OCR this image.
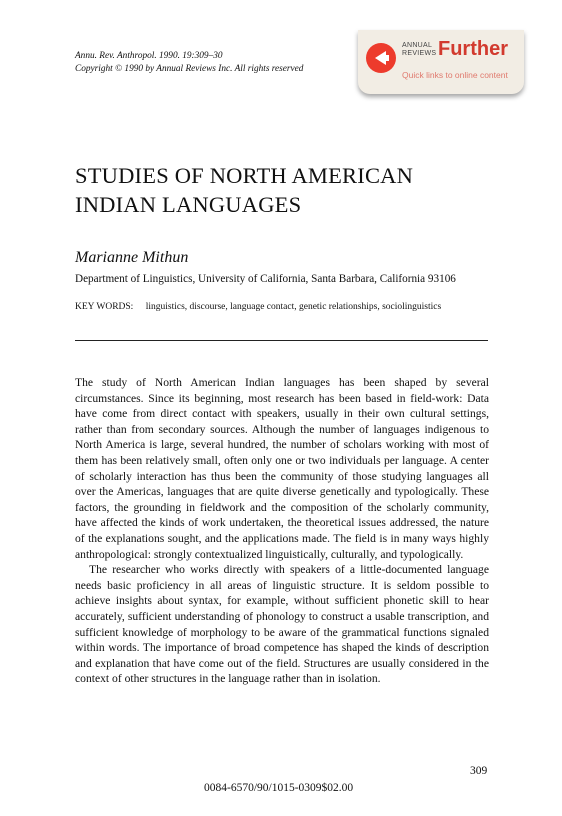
Annu. Rev. Anthropol. 1990. 19:309–30
Copyright © 1990 by Annual Reviews Inc. All rights reserved
ANNUAL
REVIEWS Further
Quick links to online content
STUDIES OF NORTH AMERICAN
INDIAN LANGUAGES
Marianne Mithun
Department of Linguistics, University of California, Santa Barbara, California 93106
KEY WORDS: linguistics, discourse, language contact, genetic relationships, sociolinguistics

The study of North American Indian languages has been shaped by several circumstances. Since its beginning, most research has been based in field-work: Data have come from direct contact with speakers, usually in their own cultural settings, rather than from secondary sources. Although the number of languages indigenous to North America is large, several hundred, the number of scholars working with most of them has been relatively small, often only one or two individuals per language. A center of scholarly interaction has thus been the community of those studying languages all over the Americas, languages that are quite diverse genetically and typologically. These factors, the grounding in fieldwork and the composition of the scholarly community, have affected the kinds of work undertaken, the theoretical issues addressed, the nature of the explanations sought, and the applications made. The field is in many ways highly anthropological: strongly contextualized linguistically, culturally, and typologically.

The researcher who works directly with speakers of a little-documented language needs basic proficiency in all areas of linguistic structure. It is seldom possible to achieve insights about syntax, for example, without sufficient phonetic skill to hear accurately, sufficient understanding of phonology to construct a usable transcription, and sufficient knowledge of morphology to be aware of the grammatical functions signaled within words. The importance of broad competence has shaped the kinds of description and explanation that have come out of the field. Structures are usually considered in the context of other structures in the language rather than in isolation.

309
0084-6570/90/1015-0309$02.00
